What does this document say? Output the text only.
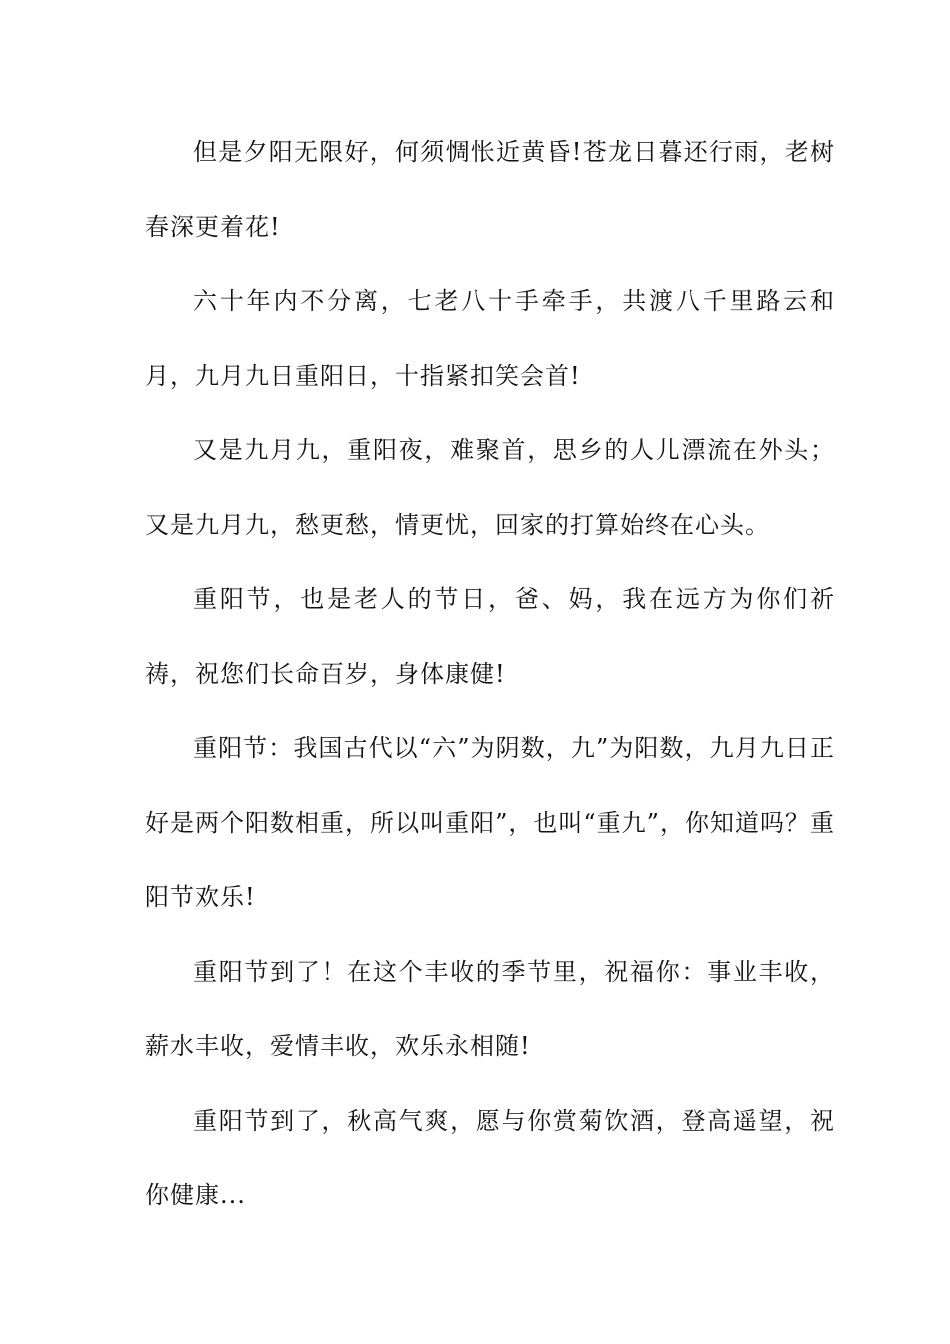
但是夕阳无限好，何须惆怅近黄昏!苍龙日暮还行雨，老树春深更着花!

六十年内不分离，七老八十手牵手，共渡八千里路云和月，九月九日重阳日，十指紧扣笑会首!

又是九月九，重阳夜，难聚首，思乡的人儿漂流在外头；又是九月九，愁更愁，情更忧，回家的打算始终在心头。

重阳节，也是老人的节日，爸、妈，我在远方为你们祈祷，祝您们长命百岁，身体康健!

重阳节：我国古代以“六”为阴数，九”为阳数，九月九日正好是两个阳数相重，所以叫重阳”，也叫“重九”，你知道吗？重阳节欢乐!

重阳节到了！在这个丰收的季节里，祝福你：事业丰收，薪水丰收，爱情丰收，欢乐永相随!

重阳节到了，秋高气爽，愿与你赏菊饮酒，登高遥望，祝你健康...
